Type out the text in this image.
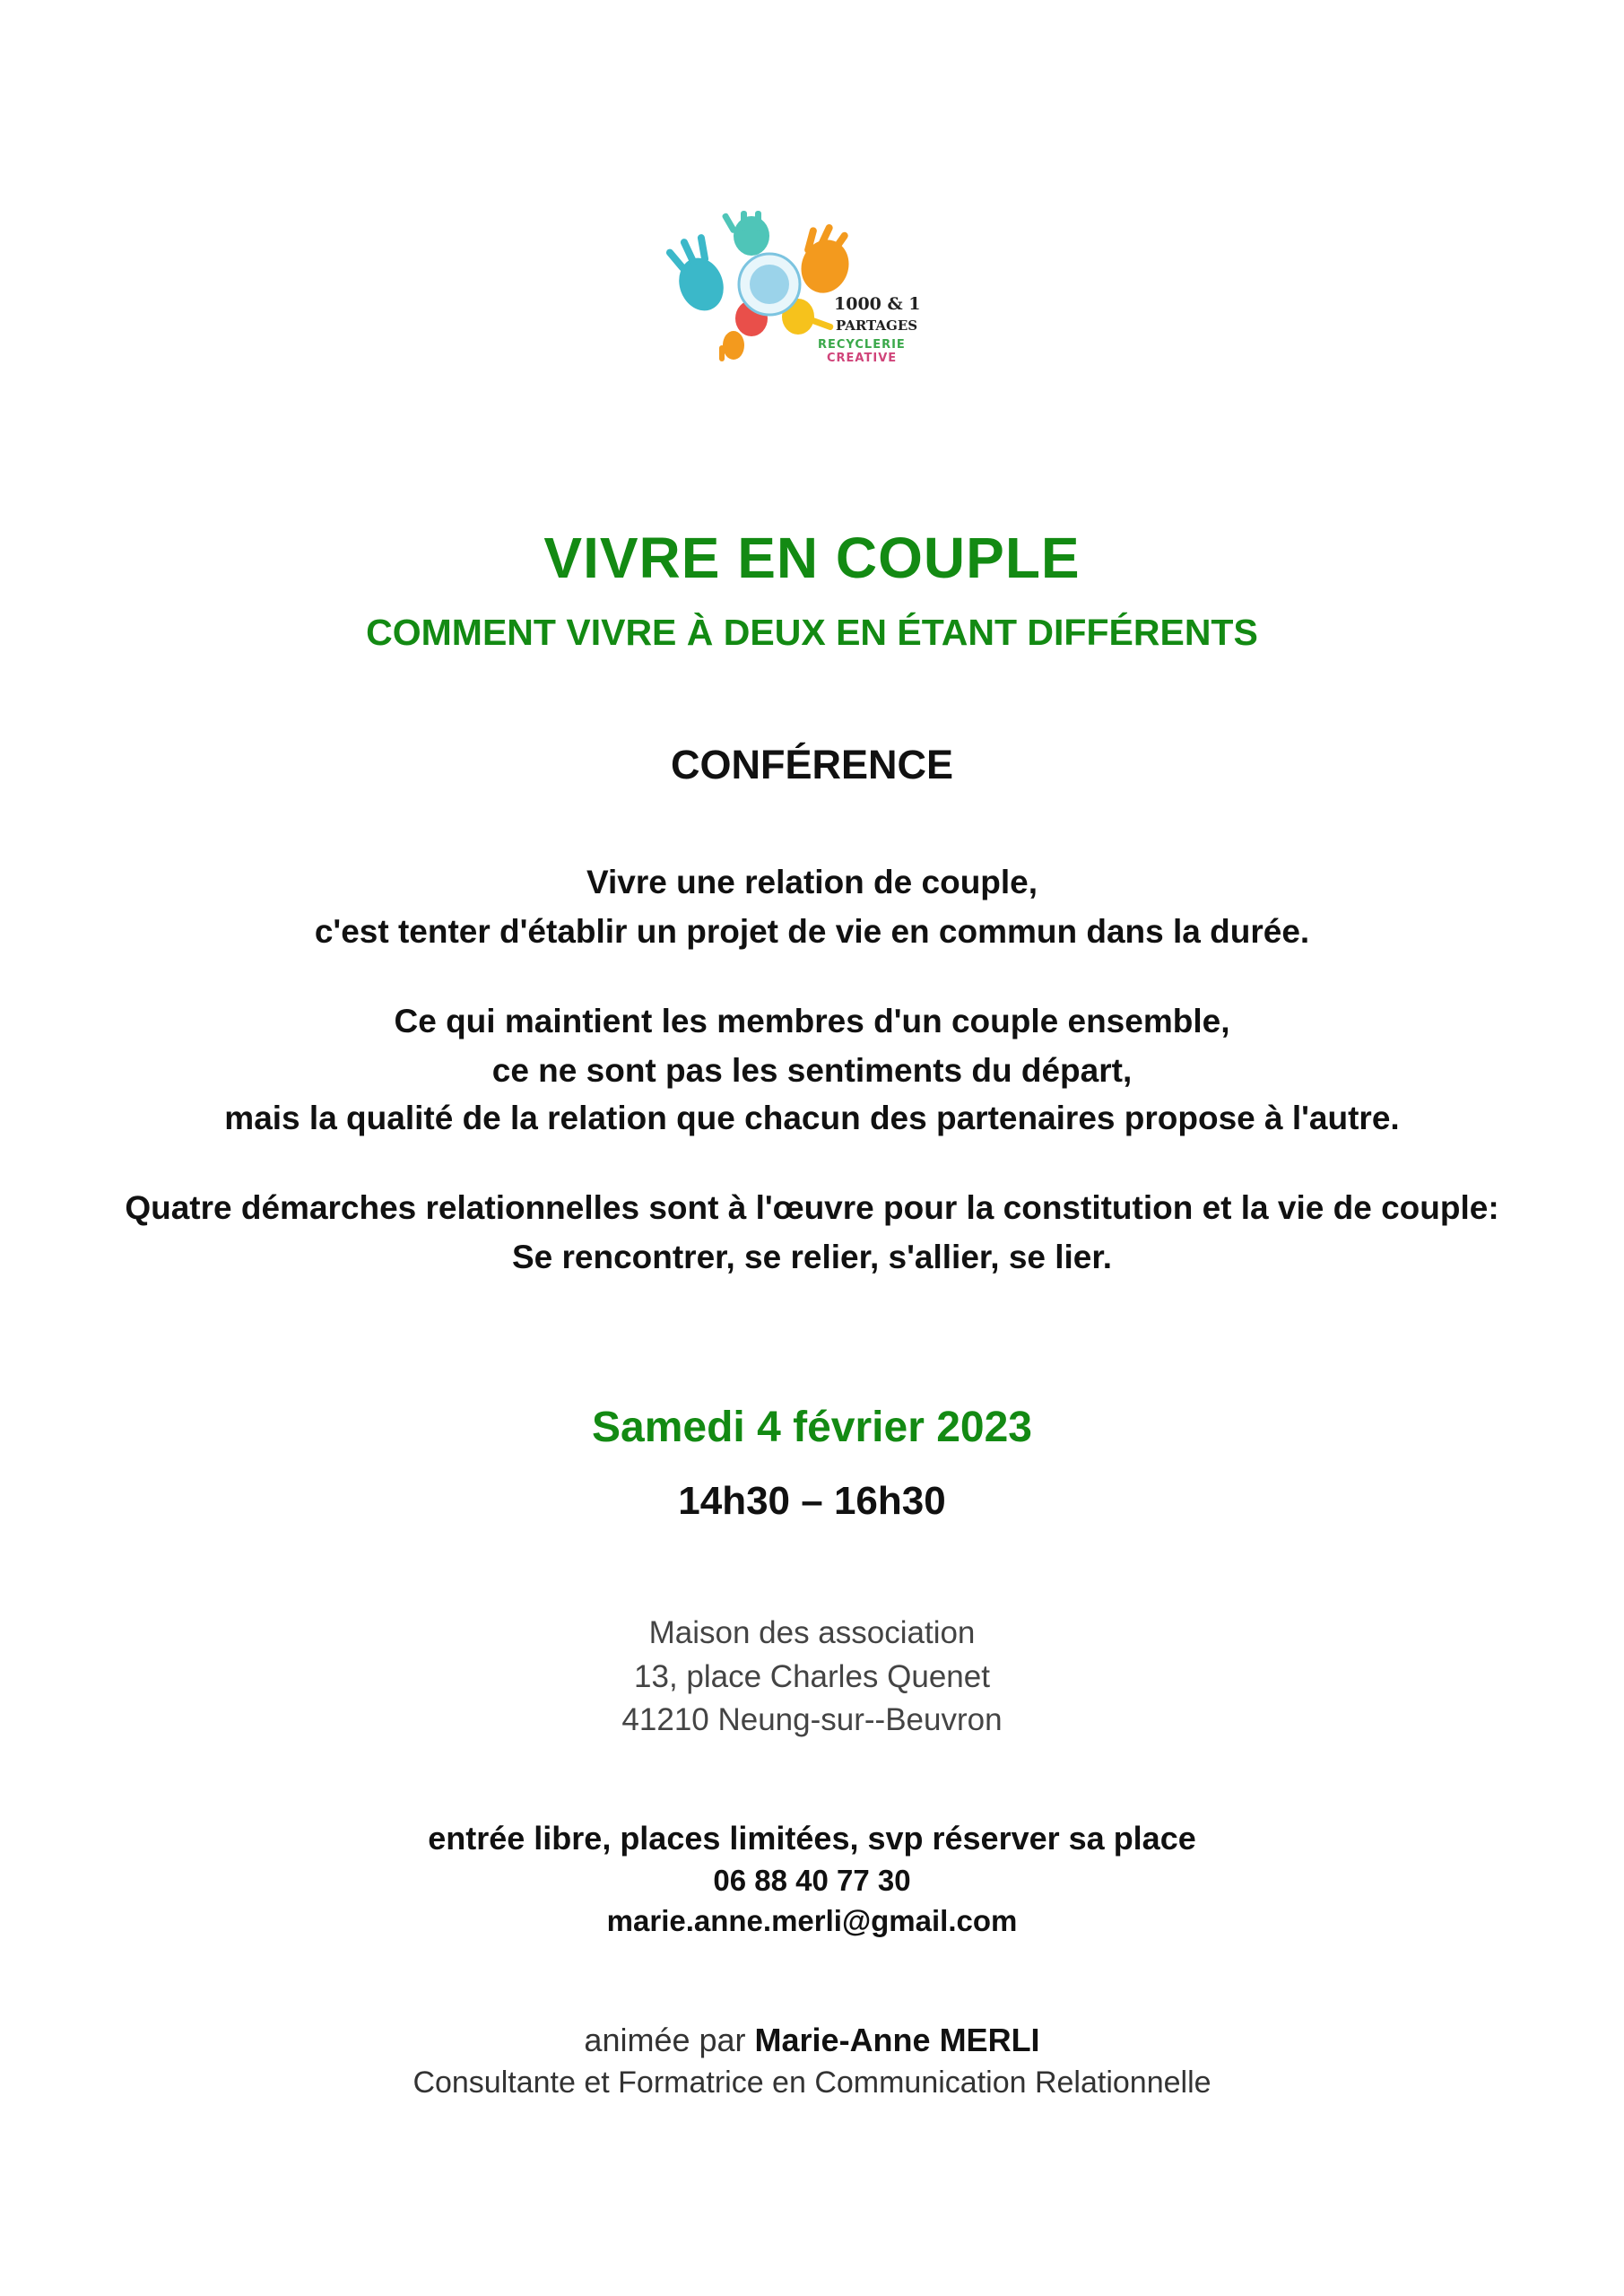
1000 & 1
PARTAGES
RECYCLERIE
CREATIVE
VIVRE EN COUPLE
COMMENT VIVRE À DEUX EN ÉTANT DIFFÉRENTS
CONFÉRENCE
Vivre une relation de couple,
c'est tenter d'établir un projet de vie en commun dans la durée.
Ce qui maintient les membres d'un couple ensemble,
ce ne sont pas les sentiments du départ,
mais la qualité de la relation que chacun des partenaires propose à l'autre.
Quatre démarches relationnelles sont à l'œuvre pour la constitution et la vie de couple:
Se rencontrer, se relier, s'allier, se lier.
Samedi 4 février 2023
14h30 – 16h30
Maison des association
13, place Charles Quenet
41210 Neung-sur--Beuvron
entrée libre, places limitées, svp réserver sa place
06 88 40 77 30
marie.anne.merli@gmail.com
animée par Marie-Anne MERLI
Consultante et Formatrice en Communication Relationnelle
